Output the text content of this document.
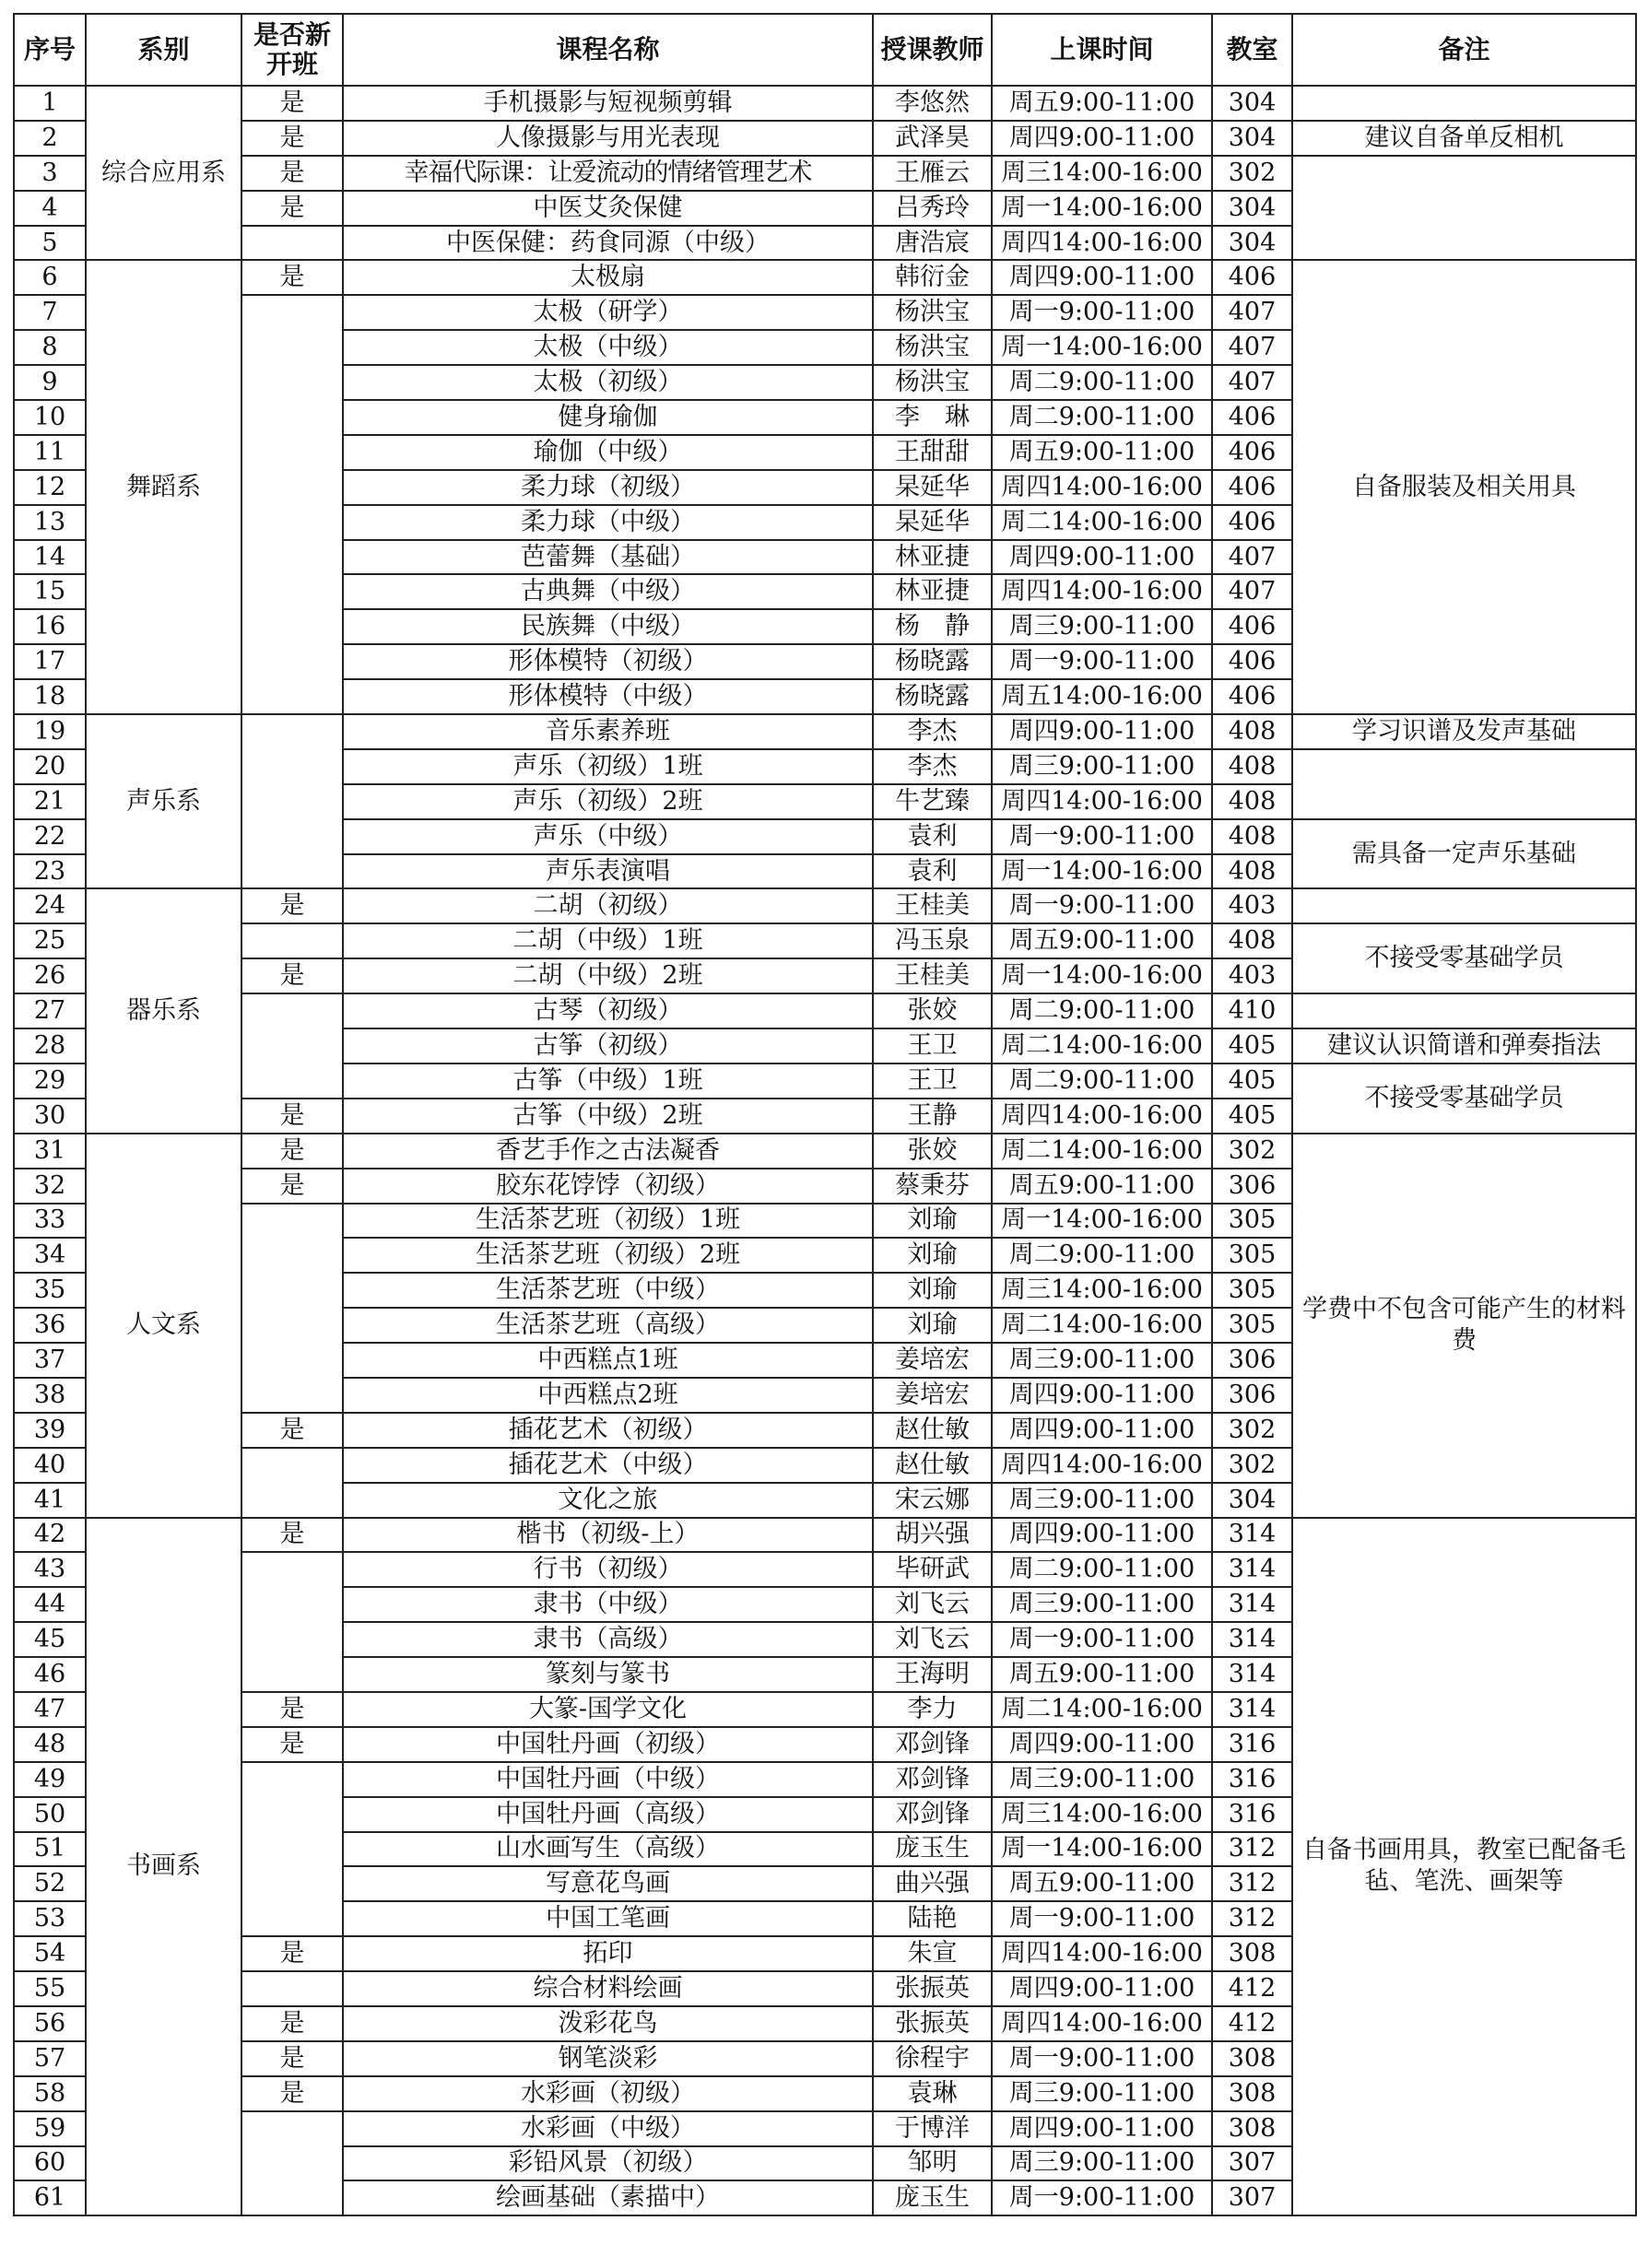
序号	系别	是否新开班	课程名称	授课教师	上课时间	教室	备注
1	综合应用系	是	手机摄影与短视频剪辑	李悠然	周五9:00-11:00	304	
2		是	人像摄影与用光表现	武泽昊	周四9:00-11:00	304	建议自备单反相机
3		是	幸福代际课：让爱流动的情绪管理艺术	王雁云	周三14:00-16:00	302	
4		是	中医艾灸保健	吕秀玲	周一14:00-16:00	304	
5			中医保健：药食同源（中级）	唐浩宸	周四14:00-16:00	304	
6	舞蹈系	是	太极扇	韩衍金	周四9:00-11:00	406	自备服装及相关用具
7			太极（研学）	杨洪宝	周一9:00-11:00	407	
8			太极（中级）	杨洪宝	周一14:00-16:00	407	
9			太极（初级）	杨洪宝	周二9:00-11:00	407	
10			健身瑜伽	李　琳	周二9:00-11:00	406	
11			瑜伽（中级）	王甜甜	周五9:00-11:00	406	
12			柔力球（初级）	杲延华	周四14:00-16:00	406	
13			柔力球（中级）	杲延华	周二14:00-16:00	406	
14			芭蕾舞（基础）	林亚捷	周四9:00-11:00	407	
15			古典舞（中级）	林亚捷	周四14:00-16:00	407	
16			民族舞（中级）	杨　静	周三9:00-11:00	406	
17			形体模特（初级）	杨晓露	周一9:00-11:00	406	
18			形体模特（中级）	杨晓露	周五14:00-16:00	406	
19	声乐系		音乐素养班	李杰	周四9:00-11:00	408	学习识谱及发声基础
20			声乐（初级）1班	李杰	周三9:00-11:00	408	
21			声乐（初级）2班	牛艺臻	周四14:00-16:00	408	
22			声乐（中级）	袁利	周一9:00-11:00	408	需具备一定声乐基础
23			声乐表演唱	袁利	周一14:00-16:00	408	
24	器乐系	是	二胡（初级）	王桂美	周一9:00-11:00	403	
25			二胡（中级）1班	冯玉泉	周五9:00-11:00	408	不接受零基础学员
26		是	二胡（中级）2班	王桂美	周一14:00-16:00	403	
27			古琴（初级）	张姣	周二9:00-11:00	410	
28			古筝（初级）	王卫	周二14:00-16:00	405	建议认识简谱和弹奏指法
29			古筝（中级）1班	王卫	周二9:00-11:00	405	不接受零基础学员
30		是	古筝（中级）2班	王静	周四14:00-16:00	405	
31	人文系	是	香艺手作之古法凝香	张姣	周二14:00-16:00	302	学费中不包含可能产生的材料费
32		是	胶东花饽饽（初级）	蔡秉芬	周五9:00-11:00	306	
33			生活茶艺班（初级）1班	刘瑜	周一14:00-16:00	305	
34			生活茶艺班（初级）2班	刘瑜	周二9:00-11:00	305	
35			生活茶艺班（中级）	刘瑜	周三14:00-16:00	305	
36			生活茶艺班（高级）	刘瑜	周二14:00-16:00	305	
37			中西糕点1班	姜培宏	周三9:00-11:00	306	
38			中西糕点2班	姜培宏	周四9:00-11:00	306	
39		是	插花艺术（初级）	赵仕敏	周四9:00-11:00	302	
40			插花艺术（中级）	赵仕敏	周四14:00-16:00	302	
41			文化之旅	宋云娜	周三9:00-11:00	304	
42	书画系	是	楷书（初级-上）	胡兴强	周四9:00-11:00	314	自备书画用具，教室已配备毛毡、笔洗、画架等
43			行书（初级）	毕研武	周二9:00-11:00	314	
44			隶书（中级）	刘飞云	周三9:00-11:00	314	
45			隶书（高级）	刘飞云	周一9:00-11:00	314	
46			篆刻与篆书	王海明	周五9:00-11:00	314	
47		是	大篆-国学文化	李力	周二14:00-16:00	314	
48		是	中国牡丹画（初级）	邓剑锋	周四9:00-11:00	316	
49			中国牡丹画（中级）	邓剑锋	周三9:00-11:00	316	
50			中国牡丹画（高级）	邓剑锋	周三14:00-16:00	316	
51			山水画写生（高级）	庞玉生	周一14:00-16:00	312	
52			写意花鸟画	曲兴强	周五9:00-11:00	312	
53			中国工笔画	陆艳	周一9:00-11:00	312	
54		是	拓印	朱宣	周四14:00-16:00	308	
55			综合材料绘画	张振英	周四9:00-11:00	412	
56		是	泼彩花鸟	张振英	周四14:00-16:00	412	
57		是	钢笔淡彩	徐程宇	周一9:00-11:00	308	
58		是	水彩画（初级）	袁琳	周三9:00-11:00	308	
59			水彩画（中级）	于博洋	周四9:00-11:00	308	
60			彩铅风景（初级）	邹明	周三9:00-11:00	307	
61			绘画基础（素描中）	庞玉生	周一9:00-11:00	307	
